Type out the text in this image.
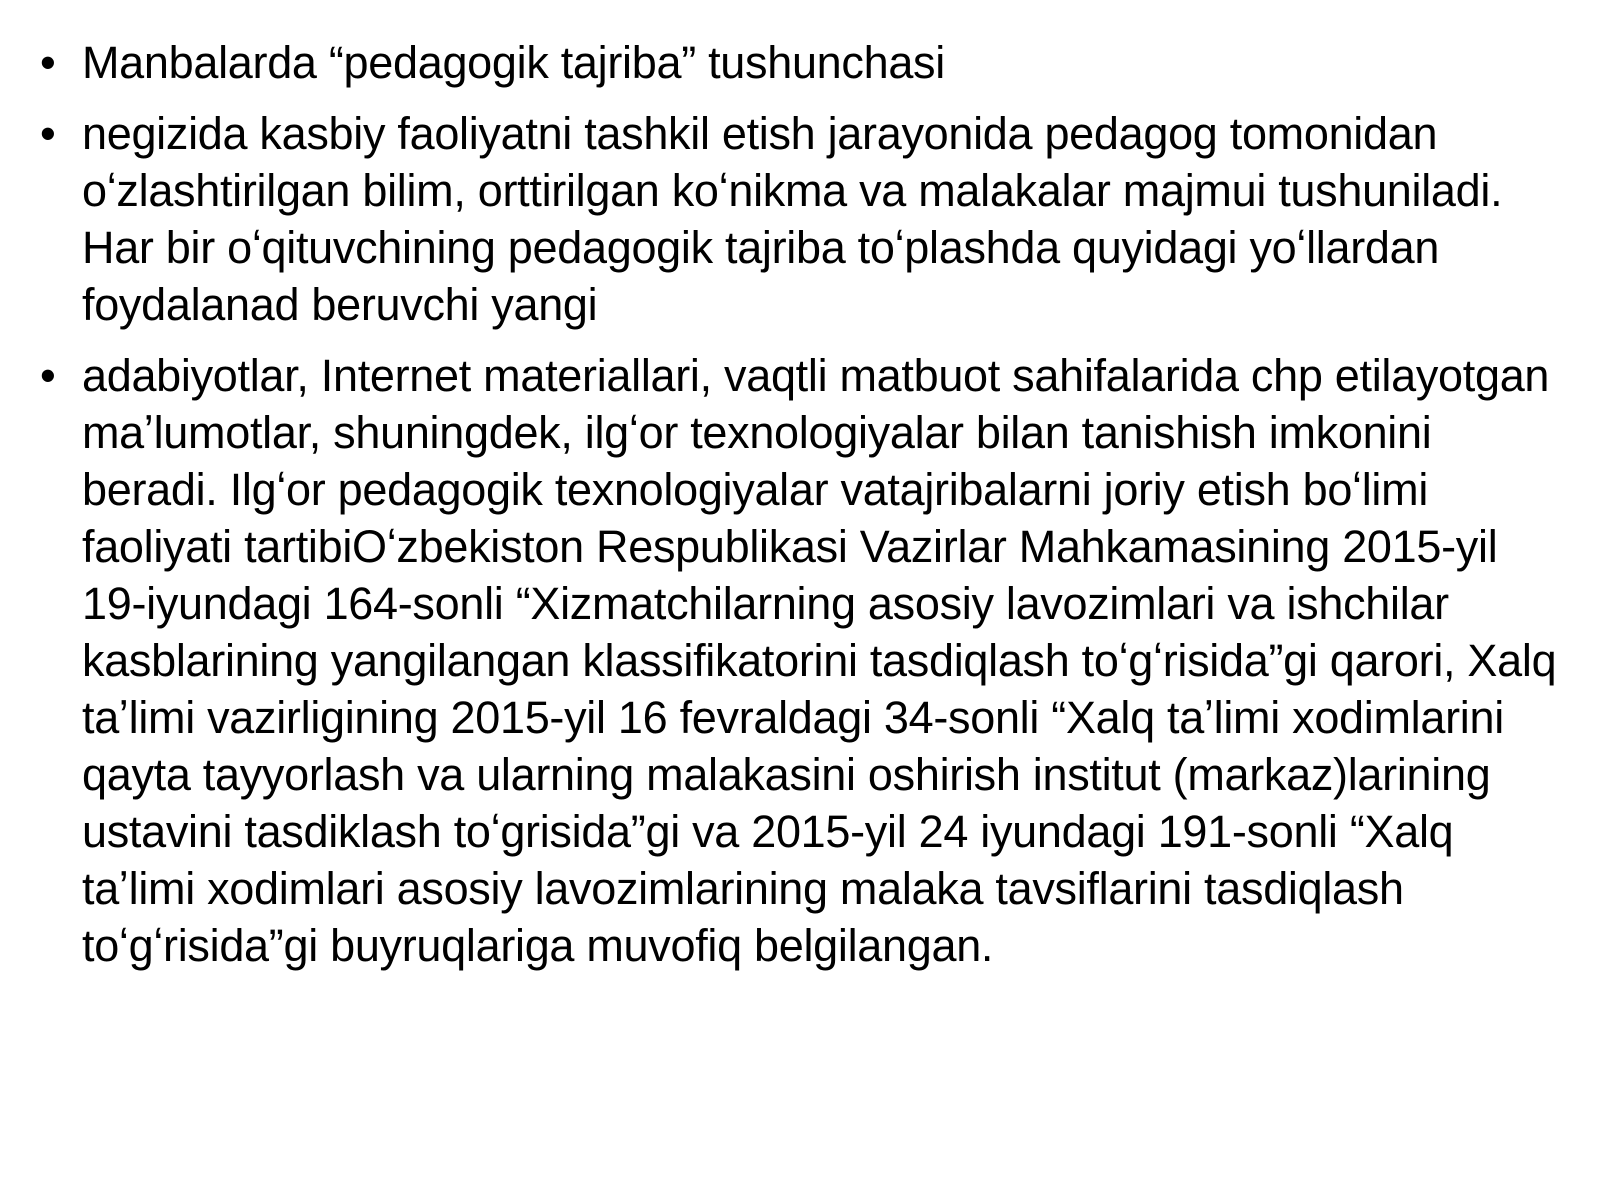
• Manbalarda “pedagogik tajriba” tushunchasi
• negizida kasbiy faoliyatni tashkil etish jarayonida pedagog tomonidan oʻzlashtirilgan bilim, orttirilgan koʻnikma va malakalar majmui tushuniladi. Har bir oʻqituvchining pedagogik tajriba toʻplashda quyidagi yoʻllardan foydalanad beruvchi yangi
• adabiyotlar, Internet materiallari, vaqtli matbuot sahifalarida chp etilayotgan maʼlumotlar, shuningdek, ilgʻor texnologiyalar bilan tanishish imkonini beradi. Ilgʻor pedagogik texnologiyalar vatajribalarni joriy etish boʻlimi faoliyati tartibiOʻzbekiston Respublikasi Vazirlar Mahkamasining 2015-yil 19-iyundagi 164-sonli “Xizmatchilarning asosiy lavozimlari va ishchilar kasblarining yangilangan klassifikatorini tasdiqlash toʻgʻrisida”gi qarori, Xalq taʼlimi vazirligining 2015-yil 16 fevraldagi 34-sonli “Xalq taʼlimi xodimlarini qayta tayyorlash va ularning malakasini oshirish institut (markaz)larining ustavini tasdiklash toʻgrisida”gi va 2015-yil 24 iyundagi 191-sonli “Xalq taʼlimi xodimlari asosiy lavozimlarining malaka tavsiflarini tasdiqlash toʻgʻrisida”gi buyruqlariga muvofiq belgilangan.
